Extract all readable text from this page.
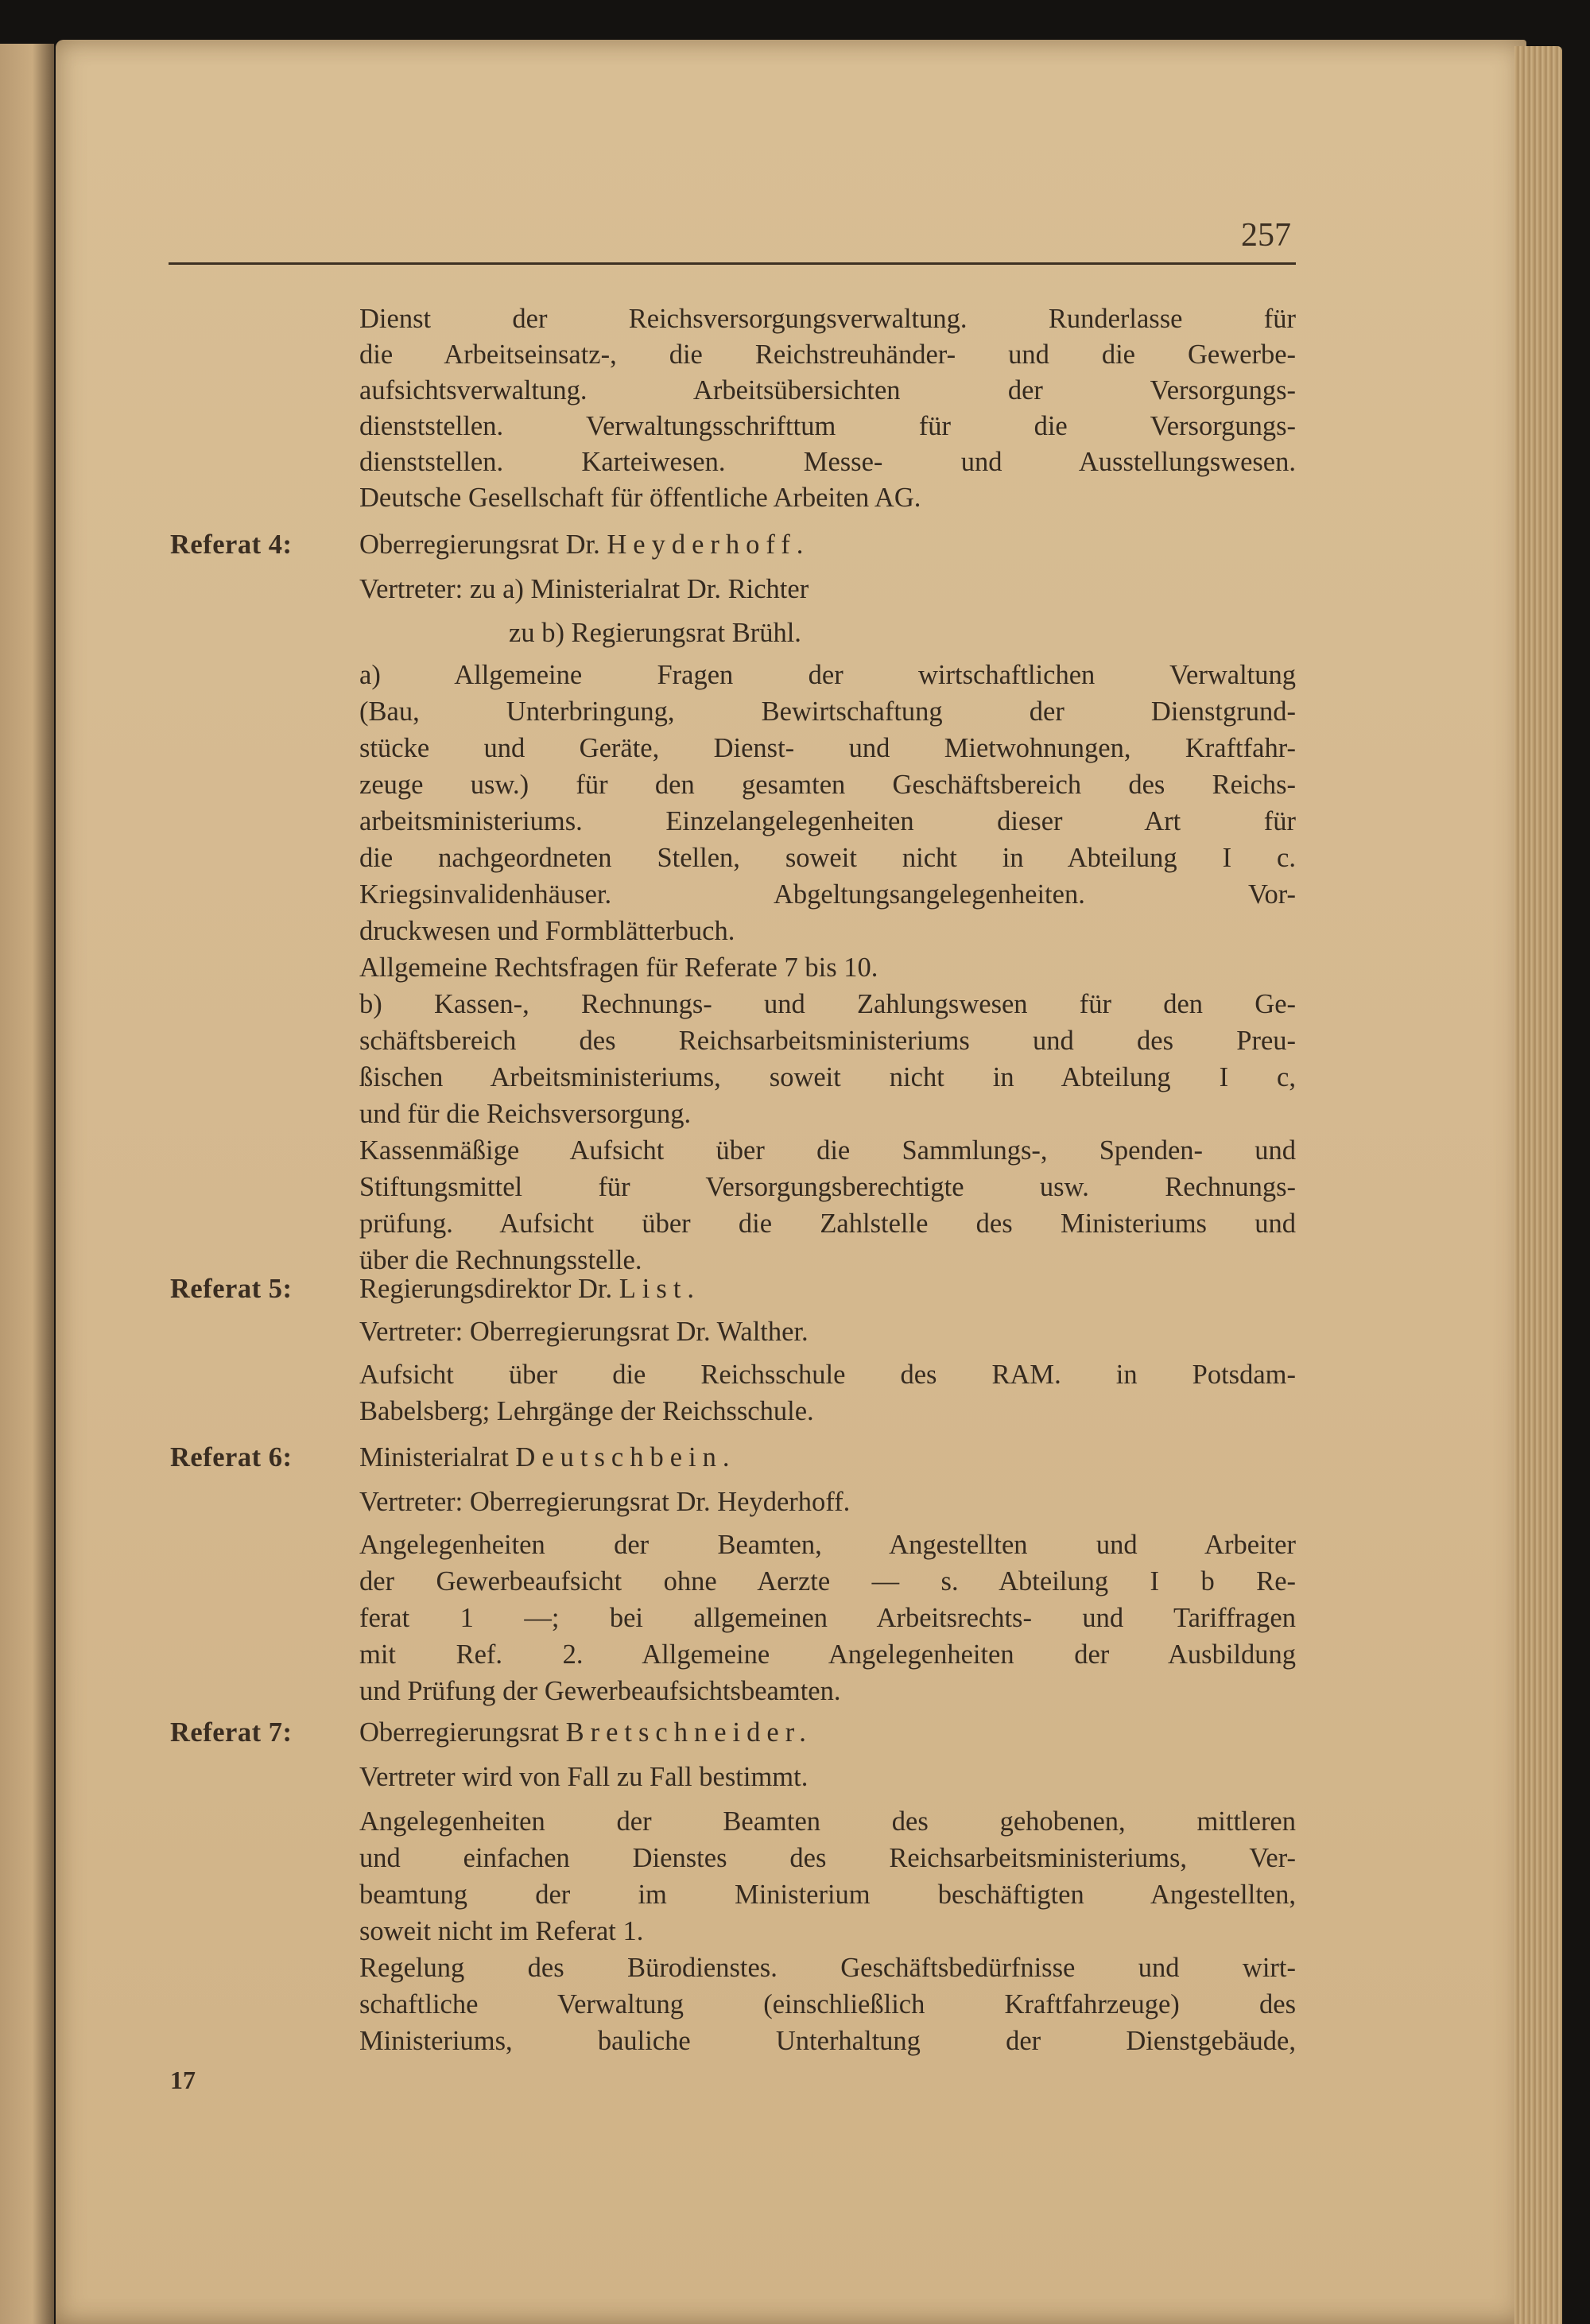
257
Dienst der Reichsversorgungsverwaltung. Runderlasse für
die Arbeitseinsatz-, die Reichstreuhänder- und die Gewerbe-
aufsichtsverwaltung. Arbeitsübersichten der Versorgungs-
dienststellen. Verwaltungsschrifttum für die Versorgungs-
dienststellen. Karteiwesen. Messe- und Ausstellungswesen.
Deutsche Gesellschaft für öffentliche Arbeiten AG.
Referat 4:	Oberregierungsrat Dr. Heyderhoff.
Vertreter: zu a) Ministerialrat Dr. Richter
zu b) Regierungsrat Brühl.
a) Allgemeine Fragen der wirtschaftlichen Verwaltung
(Bau, Unterbringung, Bewirtschaftung der Dienstgrund-
stücke und Geräte, Dienst- und Mietwohnungen, Kraftfahr-
zeuge usw.) für den gesamten Geschäftsbereich des Reichs-
arbeitsministeriums. Einzelangelegenheiten dieser Art für
die nachgeordneten Stellen, soweit nicht in Abteilung I c.
Kriegsinvalidenhäuser. Abgeltungsangelegenheiten. Vor-
druckwesen und Formblätterbuch.
Allgemeine Rechtsfragen für Referate 7 bis 10.
b) Kassen-, Rechnungs- und Zahlungswesen für den Ge-
schäftsbereich des Reichsarbeitsministeriums und des Preu-
ßischen Arbeitsministeriums, soweit nicht in Abteilung I c,
und für die Reichsversorgung.
Kassenmäßige Aufsicht über die Sammlungs-, Spenden- und
Stiftungsmittel für Versorgungsberechtigte usw. Rechnungs-
prüfung. Aufsicht über die Zahlstelle des Ministeriums und
über die Rechnungsstelle.
Referat 5:	Regierungsdirektor Dr. List.
Vertreter: Oberregierungsrat Dr. Walther.
Aufsicht über die Reichsschule des RAM. in Potsdam-
Babelsberg; Lehrgänge der Reichsschule.
Referat 6:	Ministerialrat Deutschbein.
Vertreter: Oberregierungsrat Dr. Heyderhoff.
Angelegenheiten der Beamten, Angestellten und Arbeiter
der Gewerbeaufsicht ohne Aerzte — s. Abteilung I b Re-
ferat 1 —; bei allgemeinen Arbeitsrechts- und Tariffragen
mit Ref. 2. Allgemeine Angelegenheiten der Ausbildung
und Prüfung der Gewerbeaufsichtsbeamten.
Referat 7:	Oberregierungsrat Bretschneider.
Vertreter wird von Fall zu Fall bestimmt.
Angelegenheiten der Beamten des gehobenen, mittleren
und einfachen Dienstes des Reichsarbeitsministeriums, Ver-
beamtung der im Ministerium beschäftigten Angestellten,
soweit nicht im Referat 1.
Regelung des Bürodienstes. Geschäftsbedürfnisse und wirt-
schaftliche Verwaltung (einschließlich Kraftfahrzeuge) des
Ministeriums, bauliche Unterhaltung der Dienstgebäude,
17
